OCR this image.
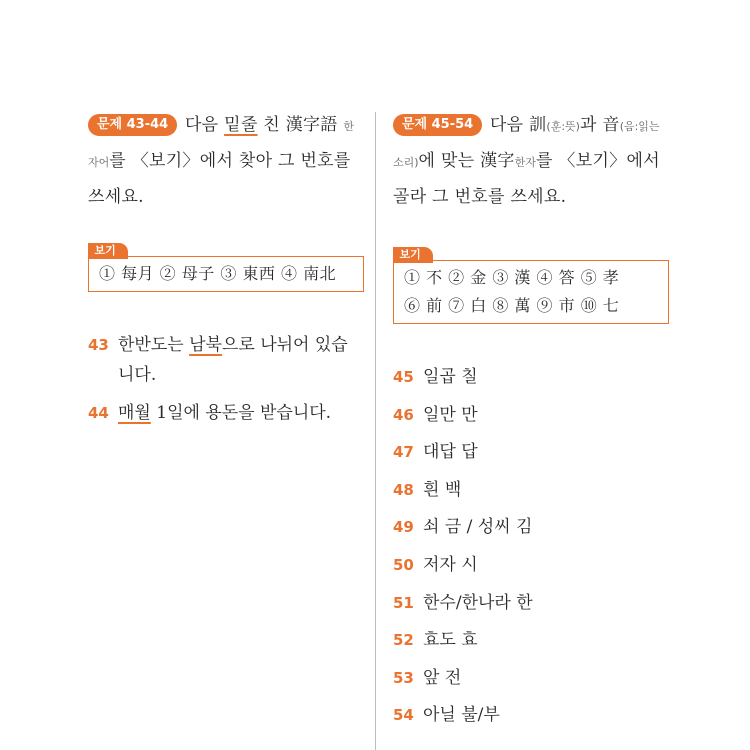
문제 43-44 다음 밑줄 친 漢字語 한자어를 〈보기〉에서 찾아 그 번호를 쓰세요.
보기
① 每月 ② 母子 ③ 東西 ④ 南北
43 한반도는 남북으로 나뉘어 있습니다.
44 매월 1일에 용돈을 받습니다.
문제 45-54 다음 訓(훈:뜻)과 音(음:읽는 소리)에 맞는 漢字한자를 〈보기〉에서 골라 그 번호를 쓰세요.
보기
① 不 ② 金 ③ 漢 ④ 答 ⑤ 孝
⑥ 前 ⑦ 白 ⑧ 萬 ⑨ 市 ⑩ 七
45 일곱 칠
46 일만 만
47 대답 답
48 흰 백
49 쇠 금 / 성씨 김
50 저자 시
51 한수/한나라 한
52 효도 효
53 앞 전
54 아닐 불/부
